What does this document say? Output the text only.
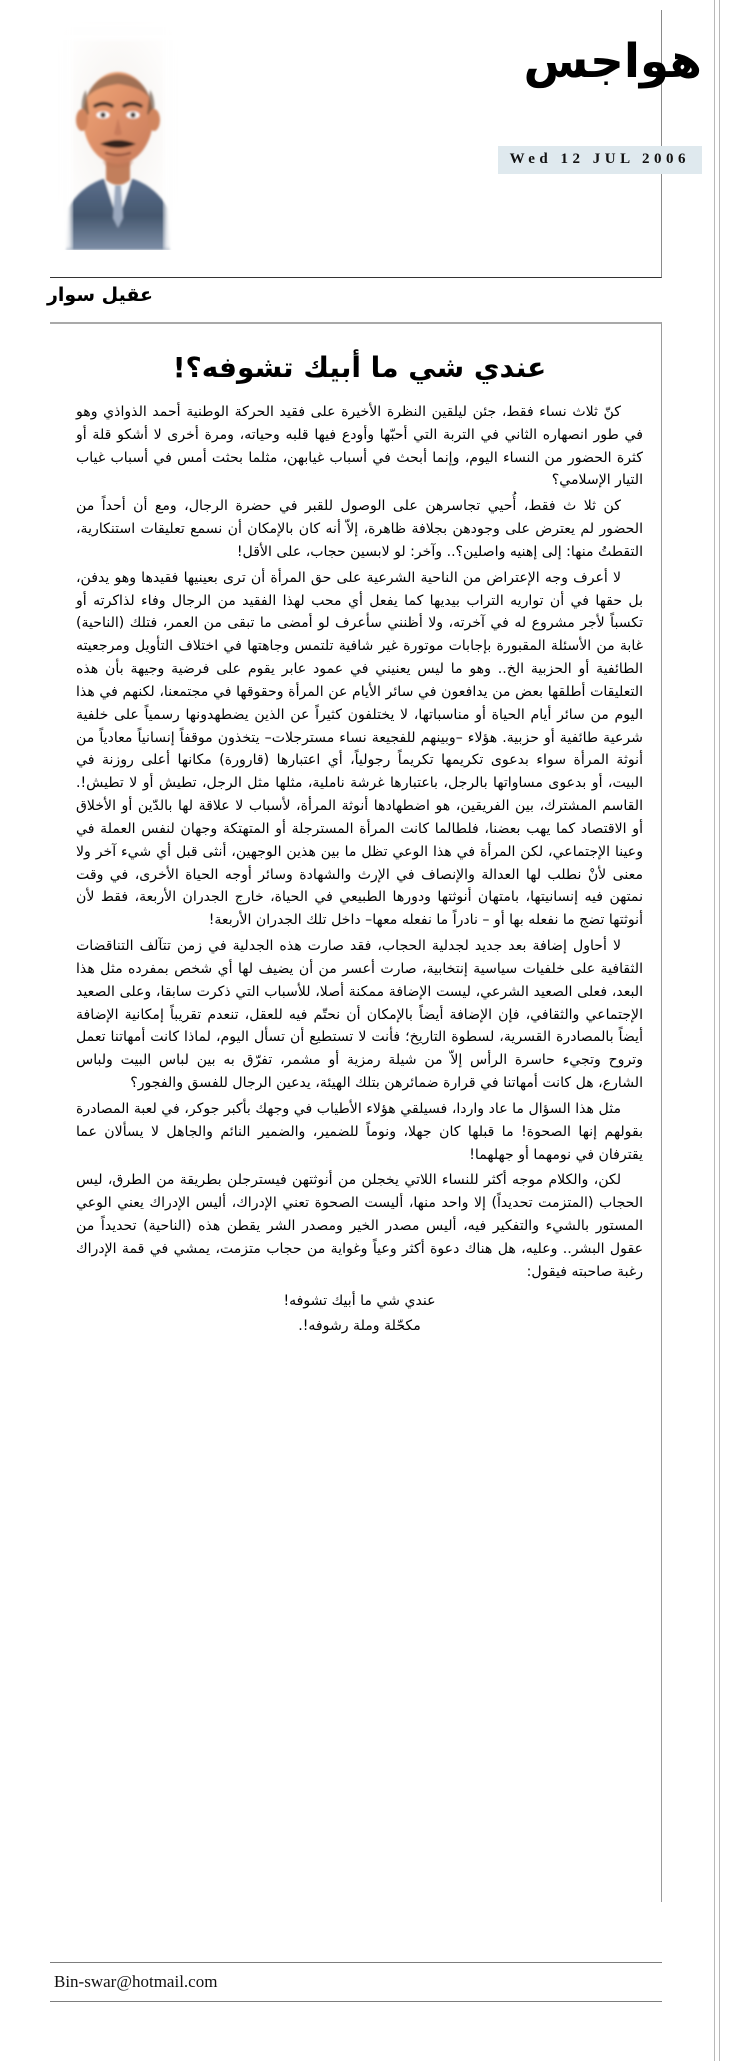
هواجس
Wed 12 JUL 2006
عقيل سوار
عندي شي ما أبيك تشوفه؟!

كنّ ثلاث نساء فقط، جئن ليلقين النظرة الأخيرة على فقيد الحركة الوطنية أحمد الذواذي وهو في طور انصهاره الثاني في التربة التي أحبّها وأودع فيها قلبه وحياته، ومرة أخرى لا أشكو قلة أو كثرة الحضور من النساء اليوم، وإنما أبحث في أسباب غيابهن، مثلما بحثت أمس في أسباب غياب التيار الإسلامي؟

كن ثلا ث فقط، أُحيي تجاسرهن على الوصول للقبر في حضرة الرجال، ومع أن أحداً من الحضور لم يعترض على وجودهن بجلافة ظاهرة، إلاّ أنه كان بالإمكان أن نسمع تعليقات استنكارية، التقطتُ منها: إلى إهنيه واصلين؟.. وآخر: لو لابسين حجاب، على الأقل!

لا أعرف وجه الإعتراض من الناحية الشرعية على حق المرأة أن ترى بعينيها فقيدها وهو يدفن، بل حقها في أن تواريه التراب بيديها كما يفعل أي محب لهذا الفقيد من الرجال وفاء لذاكرته أو تكسباً لأجر مشروع له في آخرته، ولا أظنني سأعرف لو أمضى ما تبقى من العمر، فتلك (الناحية) غابة من الأسئلة المقبورة بإجابات موتورة غير شافية تلتمس وجاهتها في اختلاف التأويل ومرجعيته الطائفية أو الحزبية الخ.. وهو ما ليس يعنيني في عمود عابر يقوم على فرضية وجيهة بأن هذه التعليقات أطلقها بعض من يدافعون في سائر الأيام عن المرأة وحقوقها في مجتمعنا، لكنهم في هذا اليوم من سائر أيام الحياة أو مناسباتها، لا يختلفون كثيراً عن الذين يضطهدونها رسمياً على خلفية شرعية طائفية أو حزبية. هؤلاء –وبينهم للفجيعة نساء مسترجلات– يتخذون موقفاً إنسانياً معادياً من أنوثة المرأة سواء بدعوى تكريمها تكريماً رجولياً، أي اعتبارها (قارورة) مكانها أعلى روزنة في البيت، أو بدعوى مساواتها بالرجل، باعتبارها غرشة ناملية، مثلها مثل الرجل، تطيش أو لا تطيش!. القاسم المشترك، بين الفريقين، هو اضطهادها أنوثة المرأة، لأسباب لا علاقة لها بالدّين أو الأخلاق أو الاقتصاد كما يهب بعضنا، فلطالما كانت المرأة المسترجلة أو المتهتكة وجهان لنفس العملة في وعينا الإجتماعي، لكن المرأة في هذا الوعي تظل ما بين هذين الوجهين، أنثى قبل أي شيء آخر ولا معنى لأنْ نطلب لها العدالة والإنصاف في الإرث والشهادة وسائر أوجه الحياة الأخرى، في وقت نمتهن فيه إنسانيتها، بامتهان أنوثتها ودورها الطبيعي في الحياة، خارج الجدران الأربعة، فقط لأن أنوثتها تضج ما نفعله بها أو – نادراً ما نفعله معها– داخل تلك الجدران الأربعة!

لا أحاول إضافة بعد جديد لجدلية الحجاب، فقد صارت هذه الجدلية في زمن تتآلف التناقضات الثقافية على خلفيات سياسية إنتخابية، صارت أعسر من أن يضيف لها أي شخص بمفرده مثل هذا البعد، فعلى الصعيد الشرعي، ليست الإضافة ممكنة أصلا، للأسباب التي ذكرت سابقا، وعلى الصعيد الإجتماعي والثقافي، فإن الإضافة أيضاً بالإمكان أن نحتّم فيه للعقل، تنعدم تقريباً إمكانية الإضافة أيضاً بالمصادرة القسرية، لسطوة التاريخ؛ فأنت لا تستطيع أن تسأل اليوم، لماذا كانت أمهاتنا تعمل وتروح وتجيء حاسرة الرأس إلاّ من شيلة رمزية أو مشمر، تفرّق به بين لباس البيت ولباس الشارع، هل كانت أمهاتنا في قرارة ضمائرهن بتلك الهيئة، يدعين الرجال للفسق والفجور؟

مثل هذا السؤال ما عاد واردا، فسيلقي هؤلاء الأطياب في وجهك بأكبر جوكر، في لعبة المصادرة بقولهم إنها الصحوة! ما قبلها كان جهلا، ونوماً للضمير، والضمير النائم والجاهل لا يسألان عما يقترفان في نومهما أو جهلهما!

لكن، والكلام موجه أكثر للنساء اللاتي يخجلن من أنوثتهن فيسترجلن بطريقة من الطرق، ليس الحجاب (المتزمت تحديداً) إلا واحد منها، أليست الصحوة تعني الإدراك، أليس الإدراك يعني الوعي المستور بالشيء والتفكير فيه، أليس مصدر الخير ومصدر الشر يقطن هذه (الناحية) تحديداً من عقول البشر.. وعليه، هل هناك دعوة أكثر وعياً وغواية من حجاب متزمت، يمشي في قمة الإدراك رغبة صاحبته فيقول:

عندي شي ما أبيك تشوفه!

مكحّلة وملة رشوفه!.

Bin-swar@hotmail.com
